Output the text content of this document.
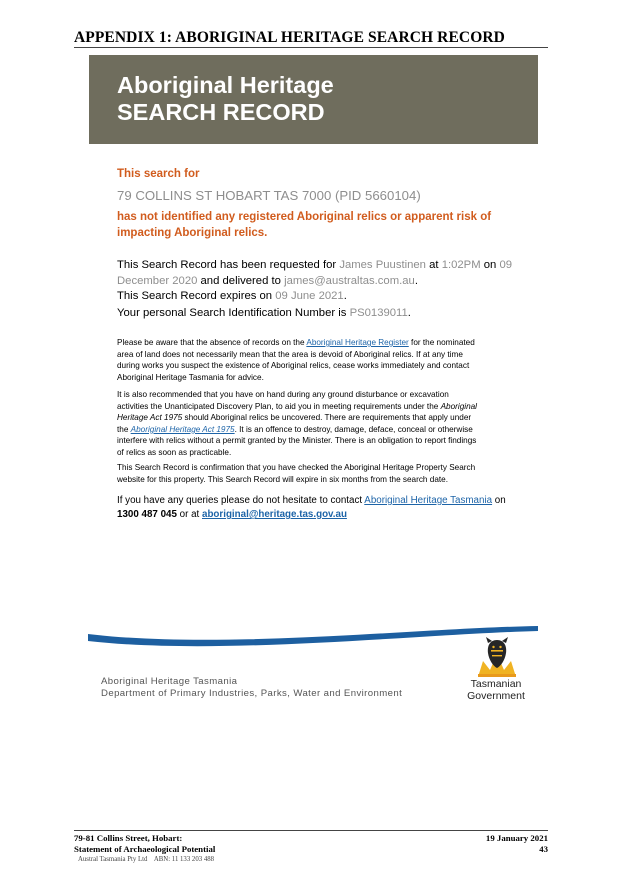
APPENDIX 1: ABORIGINAL HERITAGE SEARCH RECORD
Aboriginal Heritage
SEARCH RECORD
This search for
79 COLLINS ST HOBART TAS 7000 (PID 5660104)
has not identified any registered Aboriginal relics or apparent risk of
impacting Aboriginal relics.
This Search Record has been requested for James Puustinen at 1:02PM on 09
December 2020 and delivered to james@australtas.com.au.
This Search Record expires on 09 June 2021.
Your personal Search Identification Number is PS0139011.
Please be aware that the absence of records on the Aboriginal Heritage Register for the nominated
area of land does not necessarily mean that the area is devoid of Aboriginal relics. If at any time
during works you suspect the existence of Aboriginal relics, cease works immediately and contact
Aboriginal Heritage Tasmania for advice.
It is also recommended that you have on hand during any ground disturbance or excavation
activities the Unanticipated Discovery Plan, to aid you in meeting requirements under the Aboriginal
Heritage Act 1975 should Aboriginal relics be uncovered. There are requirements that apply under
the Aboriginal Heritage Act 1975. It is an offence to destroy, damage, deface, conceal or otherwise
interfere with relics without a permit granted by the Minister. There is an obligation to report findings
of relics as soon as practicable.
This Search Record is confirmation that you have checked the Aboriginal Heritage Property Search
website for this property. This Search Record will expire in six months from the search date.
If you have any queries please do not hesitate to contact Aboriginal Heritage Tasmania on
1300 487 045 or at aboriginal@heritage.tas.gov.au
Aboriginal Heritage Tasmania
Department of Primary Industries, Parks, Water and Environment
Tasmanian
Government
79-81 Collins Street, Hobart:
Statement of Archaeological Potential
19 January 2021
43
Austral Tasmania Pty Ltd    ABN: 11 133 203 488
